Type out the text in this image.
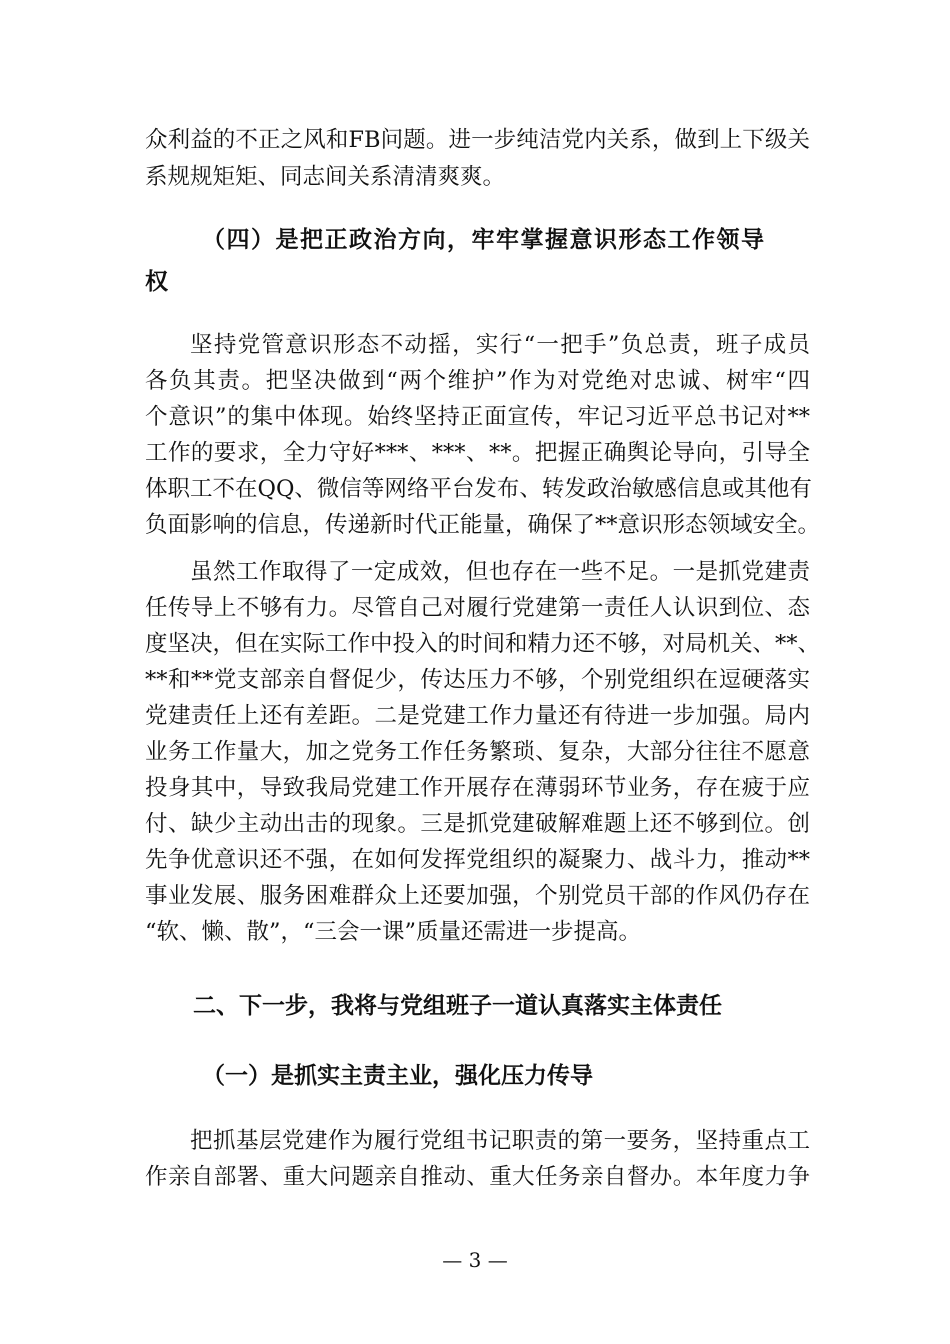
众利益的不正之风和FB问题。进一步纯洁党内关系，做到上下级关
系规规矩矩、同志间关系清清爽爽。
（四）是把正政治方向，牢牢掌握意识形态工作领导
权
坚持党管意识形态不动摇，实行“一把手”负总责，班子成员
各负其责。把坚决做到“两个维护”作为对党绝对忠诚、树牢“四
个意识”的集中体现。始终坚持正面宣传，牢记习近平总书记对**
工作的要求，全力守好***、***、**。把握正确舆论导向，引导全
体职工不在QQ、微信等网络平台发布、转发政治敏感信息或其他有
负面影响的信息，传递新时代正能量，确保了**意识形态领域安全。
虽然工作取得了一定成效，但也存在一些不足。一是抓党建责
任传导上不够有力。尽管自己对履行党建第一责任人认识到位、态
度坚决，但在实际工作中投入的时间和精力还不够，对局机关、**、
**和**党支部亲自督促少，传达压力不够，个别党组织在逗硬落实
党建责任上还有差距。二是党建工作力量还有待进一步加强。局内
业务工作量大，加之党务工作任务繁琐、复杂，大部分往往不愿意
投身其中，导致我局党建工作开展存在薄弱环节业务，存在疲于应
付、缺少主动出击的现象。三是抓党建破解难题上还不够到位。创
先争优意识还不强，在如何发挥党组织的凝聚力、战斗力，推动**
事业发展、服务困难群众上还要加强，个别党员干部的作风仍存在
“软、懒、散”，“三会一课”质量还需进一步提高。
二、下一步，我将与党组班子一道认真落实主体责任
（一）是抓实主责主业，强化压力传导
把抓基层党建作为履行党组书记职责的第一要务，坚持重点工
作亲自部署、重大问题亲自推动、重大任务亲自督办。本年度力争
— 3 —
